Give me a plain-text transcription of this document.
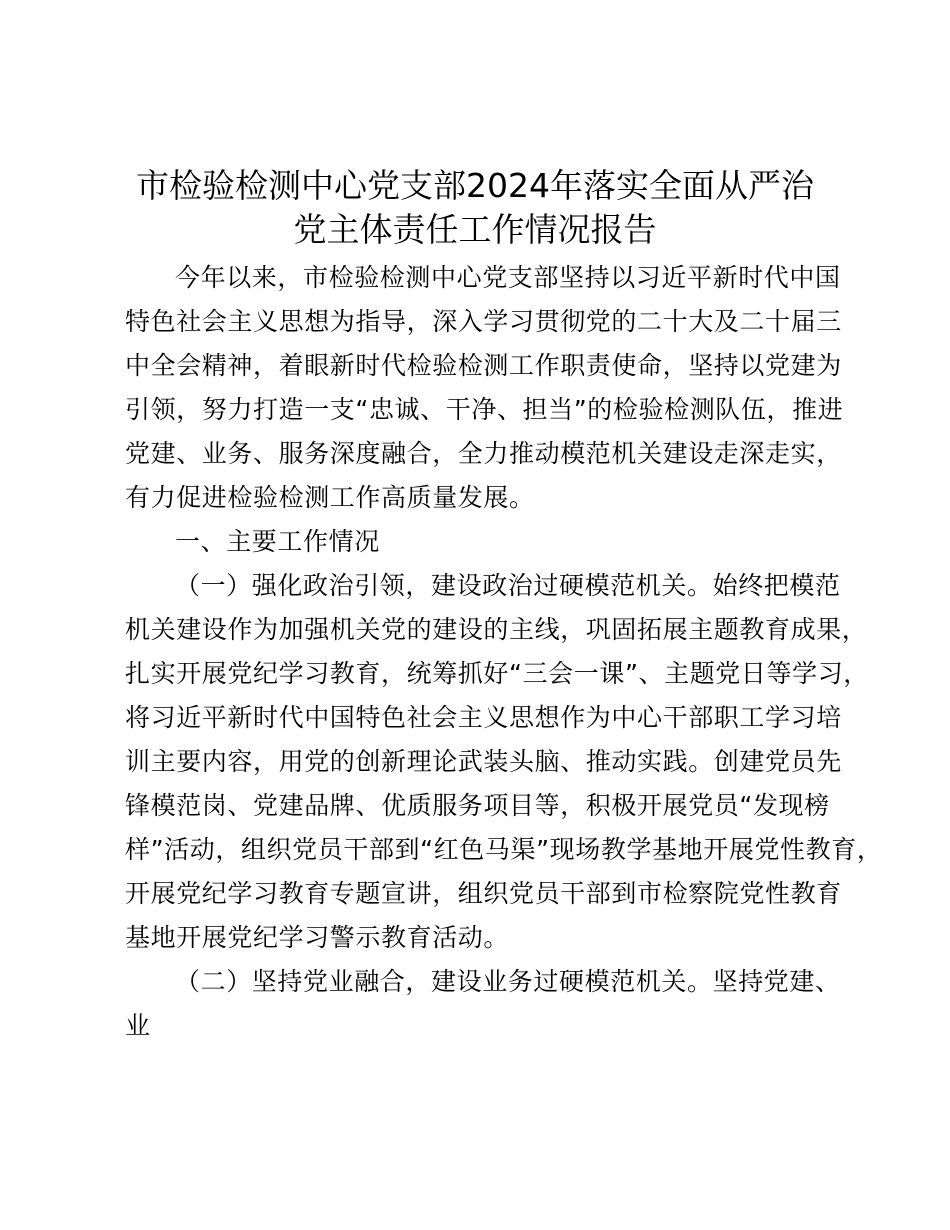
市检验检测中心党支部2024年落实全面从严治
党主体责任工作情况报告
今年以来，市检验检测中心党支部坚持以习近平新时代中国
特色社会主义思想为指导，深入学习贯彻党的二十大及二十届三
中全会精神，着眼新时代检验检测工作职责使命，坚持以党建为
引领，努力打造一支“忠诚、干净、担当”的检验检测队伍，推进
党建、业务、服务深度融合，全力推动模范机关建设走深走实，
有力促进检验检测工作高质量发展。
一、主要工作情况
（一）强化政治引领，建设政治过硬模范机关。始终把模范
机关建设作为加强机关党的建设的主线，巩固拓展主题教育成果，
扎实开展党纪学习教育，统筹抓好“三会一课”、主题党日等学习，
将习近平新时代中国特色社会主义思想作为中心干部职工学习培
训主要内容，用党的创新理论武装头脑、推动实践。创建党员先
锋模范岗、党建品牌、优质服务项目等，积极开展党员“发现榜
样”活动，组织党员干部到“红色马渠”现场教学基地开展党性教育，
开展党纪学习教育专题宣讲，组织党员干部到市检察院党性教育
基地开展党纪学习警示教育活动。
（二）坚持党业融合，建设业务过硬模范机关。坚持党建、
业
